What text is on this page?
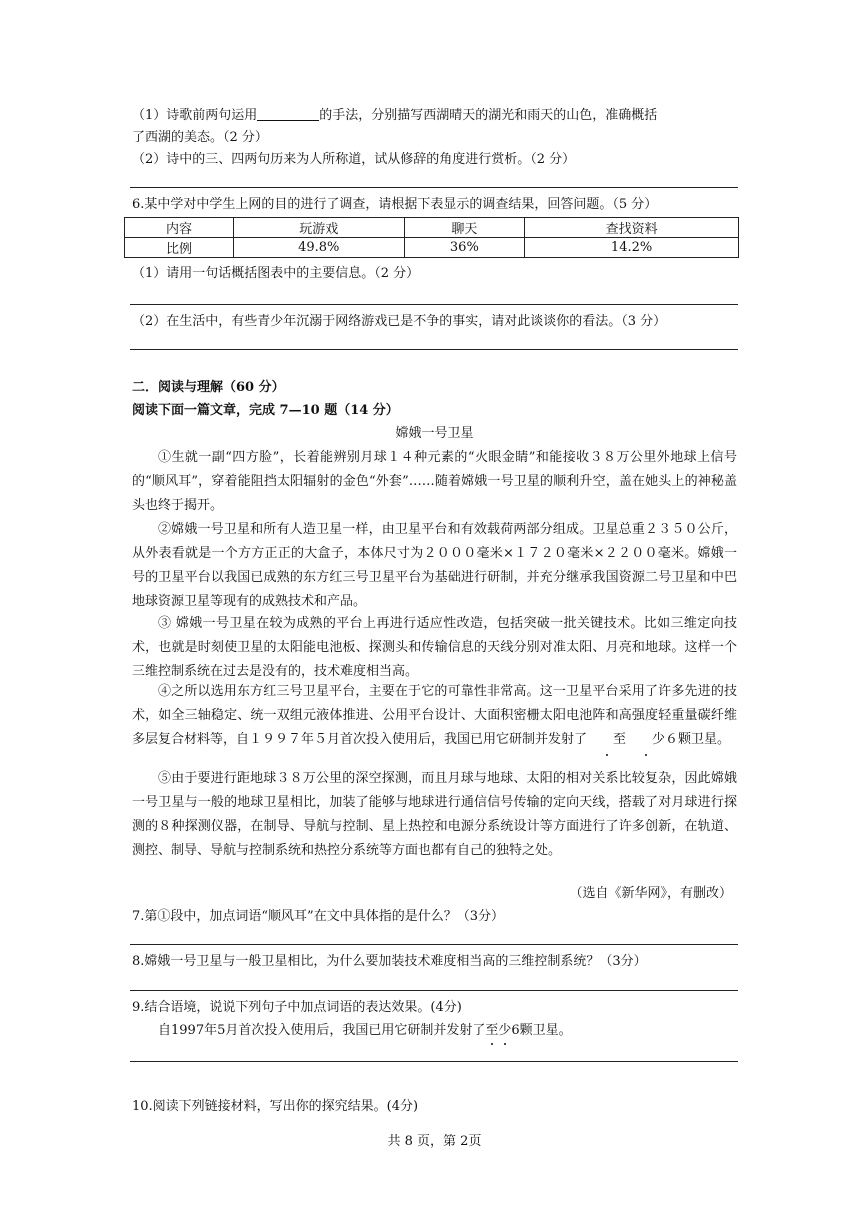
（1）诗歌前两句运用	的手法，分别描写西湖晴天的湖光和雨天的山色，准确概括
了西湖的美态。（2 分）
（2）诗中的三、四两句历来为人所称道，试从修辞的角度进行赏析。（2 分）
6.某中学对中学生上网的目的进行了调查，请根据下表显示的调查结果，回答问题。（5 分）
内容	玩游戏	聊天	查找资料
比例	49.8%	36%	14.2%
（1）请用一句话概括图表中的主要信息。（2 分）
（2）在生活中，有些青少年沉溺于网络游戏已是不争的事实，请对此谈谈你的看法。（3 分）
二．阅读与理解（60 分）
阅读下面一篇文章，完成 7—10 题（14 分）
嫦娥一号卫星
①生就一副“四方脸”，长着能辨别月球１４种元素的“火眼金睛”和能接收３８万公里外地球上信号的“顺风耳”，穿着能阻挡太阳辐射的金色“外套”……随着嫦娥一号卫星的顺利升空，盖在她头上的神秘盖头也终于揭开。
②嫦娥一号卫星和所有人造卫星一样，由卫星平台和有效载荷两部分组成。卫星总重２３５０公斤，从外表看就是一个方方正正的大盒子，本体尺寸为２０００毫米×１７２０毫米×２２００毫米。嫦娥一号的卫星平台以我国已成熟的东方红三号卫星平台为基础进行研制，并充分继承我国资源二号卫星和中巴地球资源卫星等现有的成熟技术和产品。
③ 嫦娥一号卫星在较为成熟的平台上再进行适应性改造，包括突破一批关键技术。比如三维定向技术，也就是时刻使卫星的太阳能电池板、探测头和传输信息的天线分别对准太阳、月亮和地球。这样一个三维控制系统在过去是没有的，技术难度相当高。
④之所以选用东方红三号卫星平台，主要在于它的可靠性非常高。这一卫星平台采用了许多先进的技术，如全三轴稳定、统一双组元液体推进、公用平台设计、大面积密栅太阳电池阵和高强度轻重量碳纤维多层复合材料等，自１９９７年５月首次投入使用后，我国已用它研制并发射了 至 少６颗卫星。
⑤由于要进行距地球３８万公里的深空探测，而且月球与地球、太阳的相对关系比较复杂，因此嫦娥一号卫星与一般的地球卫星相比，加装了能够与地球进行通信信号传输的定向天线，搭载了对月球进行探测的８种探测仪器，在制导、导航与控制、星上热控和电源分系统设计等方面进行了许多创新，在轨道、测控、制导、导航与控制系统和热控分系统等方面也都有自己的独特之处。
（选自《新华网》，有删改）
7.第①段中，加点词语“顺风耳”在文中具体指的是什么？（3分）
8.嫦娥一号卫星与一般卫星相比，为什么要加装技术难度相当高的三维控制系统？（3分）
9.结合语境，说说下列句子中加点词语的表达效果。(4分)
自1997年5月首次投入使用后，我国已用它研制并发射了至少6颗卫星。
10.阅读下列链接材料，写出你的探究结果。(4分)
共 8 页，第 2页
